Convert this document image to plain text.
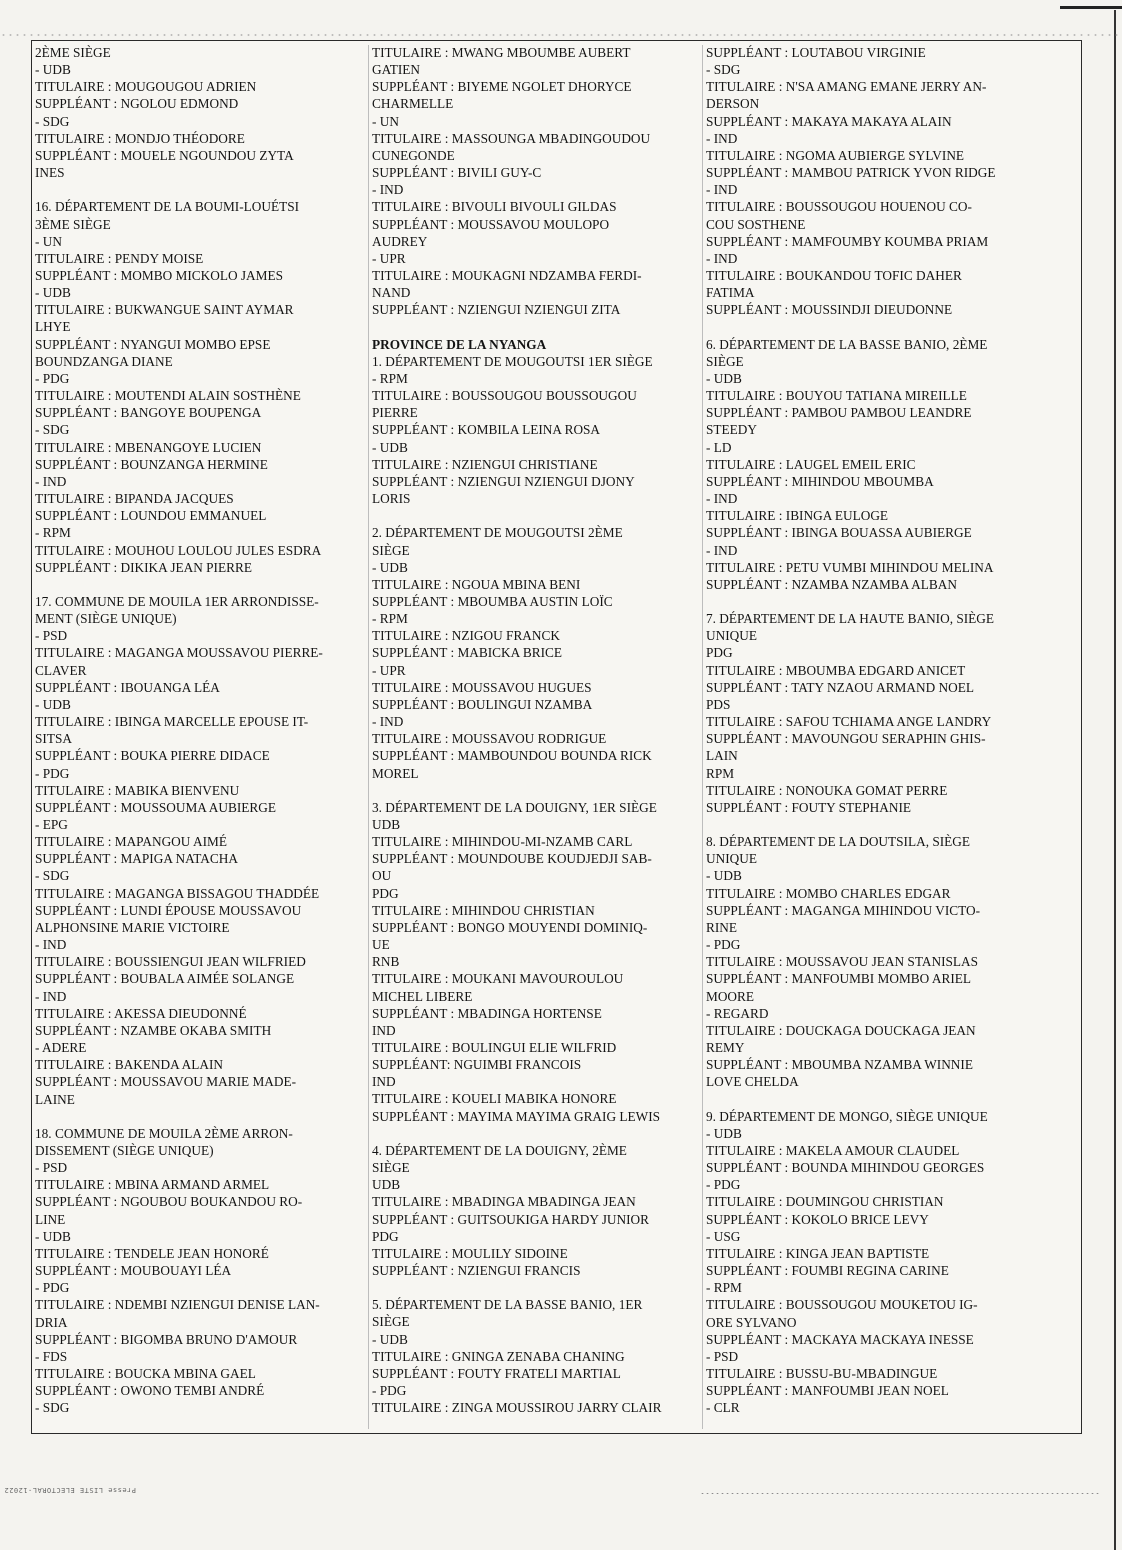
2ÈME SIÈGE
- UDB
TITULAIRE : MOUGOUGOU ADRIEN
SUPPLÉANT : NGOLOU EDMOND
- SDG
TITULAIRE : MONDJO THÉODORE
SUPPLÉANT : MOUELE NGOUNDOU ZYTA
INES
16. DÉPARTEMENT DE LA BOUMI-LOUÉTSI
3ÈME SIÈGE
- UN
TITULAIRE : PENDY MOISE
SUPPLÉANT : MOMBO MICKOLO JAMES
- UDB
TITULAIRE : BUKWANGUE SAINT AYMAR
LHYE
SUPPLÉANT : NYANGUI MOMBO EPSE
BOUNDZANGA DIANE
- PDG
TITULAIRE : MOUTENDI ALAIN SOSTHÈNE
SUPPLÉANT : BANGOYE BOUPENGA
- SDG
TITULAIRE : MBENANGOYE LUCIEN
SUPPLÉANT : BOUNZANGA HERMINE
- IND
TITULAIRE : BIPANDA JACQUES
SUPPLÉANT : LOUNDOU EMMANUEL
- RPM
TITULAIRE : MOUHOU LOULOU JULES ESDRA
SUPPLÉANT : DIKIKA JEAN PIERRE
17. COMMUNE DE MOUILA 1ER ARRONDISSE-
MENT (SIÈGE UNIQUE)
- PSD
TITULAIRE : MAGANGA MOUSSAVOU PIERRE-
CLAVER
SUPPLÉANT : IBOUANGA LÉA
- UDB
TITULAIRE : IBINGA MARCELLE EPOUSE IT-
SITSA
SUPPLÉANT : BOUKA PIERRE DIDACE
- PDG
TITULAIRE : MABIKA BIENVENU
SUPPLÉANT : MOUSSOUMA AUBIERGE
- EPG
TITULAIRE : MAPANGOU AIMÉ
SUPPLÉANT : MAPIGA NATACHA
- SDG
TITULAIRE : MAGANGA BISSAGOU THADDÉE
SUPPLÉANT : LUNDI ÉPOUSE MOUSSAVOU
ALPHONSINE MARIE VICTOIRE
- IND
TITULAIRE : BOUSSIENGUI JEAN WILFRIED
SUPPLÉANT : BOUBALA AIMÉE SOLANGE
- IND
TITULAIRE : AKESSA DIEUDONNÉ
SUPPLÉANT : NZAMBE OKABA SMITH
- ADERE
TITULAIRE : BAKENDA ALAIN
SUPPLÉANT : MOUSSAVOU MARIE MADE-
LAINE
18. COMMUNE DE MOUILA 2ÈME ARRON-
DISSEMENT (SIÈGE UNIQUE)
- PSD
TITULAIRE : MBINA ARMAND ARMEL
SUPPLÉANT : NGOUBOU BOUKANDOU RO-
LINE
- UDB
TITULAIRE : TENDELE JEAN HONORÉ
SUPPLÉANT : MOUBOUAYI LÉA
- PDG
TITULAIRE : NDEMBI NZIENGUI DENISE LAN-
DRIA
SUPPLÉANT : BIGOMBA BRUNO D'AMOUR
- FDS
TITULAIRE : BOUCKA MBINA GAEL
SUPPLÉANT : OWONO TEMBI ANDRÉ
- SDG
TITULAIRE : MWANG MBOUMBE AUBERT
GATIEN
SUPPLÉANT : BIYEME NGOLET DHORYCE
CHARMELLE
- UN
TITULAIRE : MASSOUNGA MBADINGOUDOU
CUNEGONDE
SUPPLÉANT : BIVILI GUY-C
- IND
TITULAIRE : BIVOULI BIVOULI GILDAS
SUPPLÉANT : MOUSSAVOU MOULOPO
AUDREY
- UPR
TITULAIRE : MOUKAGNI NDZAMBA FERDI-
NAND
SUPPLÉANT : NZIENGUI NZIENGUI ZITA
PROVINCE DE LA NYANGA
1. DÉPARTEMENT DE MOUGOUTSI 1ER SIÈGE
- RPM
TITULAIRE : BOUSSOUGOU BOUSSOUGOU
PIERRE
SUPPLÉANT : KOMBILA LEINA ROSA
- UDB
TITULAIRE : NZIENGUI CHRISTIANE
SUPPLÉANT : NZIENGUI NZIENGUI DJONY
LORIS
2. DÉPARTEMENT DE MOUGOUTSI 2ÈME
SIÈGE
- UDB
TITULAIRE : NGOUA MBINA BENI
SUPPLÉANT : MBOUMBA AUSTIN LOÏC
- RPM
TITULAIRE : NZIGOU FRANCK
SUPPLÉANT : MABICKA BRICE
- UPR
TITULAIRE : MOUSSAVOU HUGUES
SUPPLÉANT : BOULINGUI NZAMBA
- IND
TITULAIRE : MOUSSAVOU RODRIGUE
SUPPLÉANT : MAMBOUNDOU BOUNDA RICK
MOREL
3. DÉPARTEMENT DE LA DOUIGNY, 1ER SIÈGE
UDB
TITULAIRE : MIHINDOU-MI-NZAMB CARL
SUPPLÉANT : MOUNDOUBE KOUDJEDJI SAB-
OU
PDG
TITULAIRE : MIHINDOU CHRISTIAN
SUPPLÉANT : BONGO MOUYENDI DOMINIQ-
UE
RNB
TITULAIRE : MOUKANI MAVOUROULOU
MICHEL LIBERE
SUPPLÉANT : MBADINGA HORTENSE
IND
TITULAIRE : BOULINGUI ELIE WILFRID
SUPPLÉANT: NGUIMBI FRANCOIS
IND
TITULAIRE : KOUELI MABIKA HONORE
SUPPLÉANT : MAYIMA MAYIMA GRAIG LEWIS
4. DÉPARTEMENT DE LA DOUIGNY, 2ÈME
SIÈGE
UDB
TITULAIRE : MBADINGA MBADINGA JEAN
SUPPLÉANT : GUITSOUKIGA HARDY JUNIOR
PDG
TITULAIRE : MOULILY SIDOINE
SUPPLÉANT : NZIENGUI FRANCIS
5. DÉPARTEMENT DE LA BASSE BANIO, 1ER
SIÈGE
- UDB
TITULAIRE : GNINGA ZENABA CHANING
SUPPLÉANT : FOUTY FRATELI MARTIAL
- PDG
TITULAIRE : ZINGA MOUSSIROU JARRY CLAIR
SUPPLÉANT : LOUTABOU VIRGINIE
- SDG
TITULAIRE : N'SA AMANG EMANE JERRY AN-
DERSON
SUPPLÉANT : MAKAYA MAKAYA ALAIN
- IND
TITULAIRE : NGOMA AUBIERGE SYLVINE
SUPPLÉANT : MAMBOU PATRICK YVON RIDGE
- IND
TITULAIRE : BOUSSOUGOU HOUENOU CO-
COU SOSTHENE
SUPPLÉANT : MAMFOUMBY KOUMBA PRIAM
- IND
TITULAIRE : BOUKANDOU TOFIC DAHER
FATIMA
SUPPLÉANT : MOUSSINDJI DIEUDONNE
6. DÉPARTEMENT DE LA BASSE BANIO, 2ÈME
SIÈGE
- UDB
TITULAIRE : BOUYOU TATIANA MIREILLE
SUPPLÉANT : PAMBOU PAMBOU LEANDRE
STEEDY
- LD
TITULAIRE : LAUGEL EMEIL ERIC
SUPPLÉANT : MIHINDOU MBOUMBA
- IND
TITULAIRE : IBINGA EULOGE
SUPPLÉANT : IBINGA BOUASSA AUBIERGE
- IND
TITULAIRE : PETU VUMBI MIHINDOU MELINA
SUPPLÉANT : NZAMBA NZAMBA ALBAN
7. DÉPARTEMENT DE LA HAUTE BANIO, SIÈGE
UNIQUE
PDG
TITULAIRE : MBOUMBA EDGARD ANICET
SUPPLÉANT : TATY NZAOU ARMAND NOEL
PDS
TITULAIRE : SAFOU TCHIAMA ANGE LANDRY
SUPPLÉANT : MAVOUNGOU SERAPHIN GHIS-
LAIN
RPM
TITULAIRE : NONOUKA GOMAT PERRE
SUPPLÉANT : FOUTY STEPHANIE
8. DÉPARTEMENT DE LA DOUTSILA, SIÈGE
UNIQUE
- UDB
TITULAIRE : MOMBO CHARLES EDGAR
SUPPLÉANT : MAGANGA MIHINDOU VICTO-
RINE
- PDG
TITULAIRE : MOUSSAVOU JEAN STANISLAS
SUPPLÉANT : MANFOUMBI MOMBO ARIEL
MOORE
- REGARD
TITULAIRE : DOUCKAGA DOUCKAGA JEAN
REMY
SUPPLÉANT : MBOUMBA NZAMBA WINNIE
LOVE CHELDA
9. DÉPARTEMENT DE MONGO, SIÈGE UNIQUE
- UDB
TITULAIRE : MAKELA AMOUR CLAUDEL
SUPPLÉANT : BOUNDA MIHINDOU GEORGES
- PDG
TITULAIRE : DOUMINGOU CHRISTIAN
SUPPLÉANT : KOKOLO BRICE LEVY
- USG
TITULAIRE : KINGA JEAN BAPTISTE
SUPPLÉANT : FOUMBI REGINA CARINE
- RPM
TITULAIRE : BOUSSOUGOU MOUKETOU IG-
ORE SYLVANO
SUPPLÉANT : MACKAYA MACKAYA INESSE
- PSD
TITULAIRE : BUSSU-BU-MBADINGUE
SUPPLÉANT : MANFOUMBI JEAN NOEL
- CLR
Presse LISTE ELECTORAL-12022
